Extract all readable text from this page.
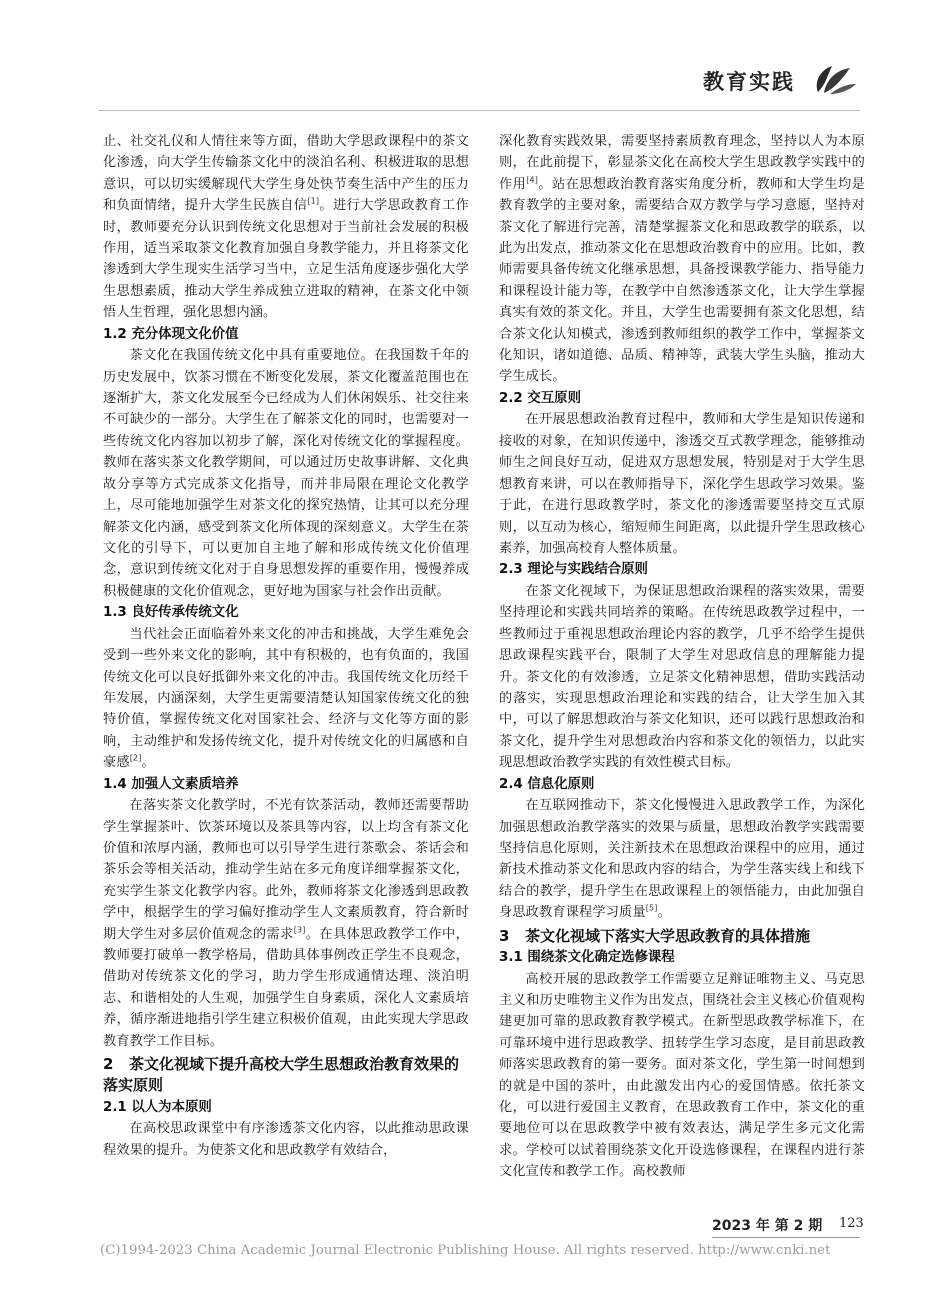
教育实践

止、社交礼仪和人情往来等方面，借助大学思政课程中的茶文化渗透，向大学生传输茶文化中的淡泊名利、积极进取的思想意识，可以切实缓解现代大学生身处快节奏生活中产生的压力和负面情绪，提升大学生民族自信[1]。进行大学思政教育工作时，教师要充分认识到传统文化思想对于当前社会发展的积极作用，适当采取茶文化教育加强自身教学能力，并且将茶文化渗透到大学生现实生活学习当中，立足生活角度逐步强化大学生思想素质，推动大学生养成独立进取的精神，在茶文化中领悟人生哲理，强化思想内涵。

1.2 充分体现文化价值

茶文化在我国传统文化中具有重要地位。在我国数千年的历史发展中，饮茶习惯在不断变化发展，茶文化覆盖范围也在逐渐扩大，茶文化发展至今已经成为人们休闲娱乐、社交往来不可缺少的一部分。大学生在了解茶文化的同时，也需要对一些传统文化内容加以初步了解，深化对传统文化的掌握程度。教师在落实茶文化教学期间，可以通过历史故事讲解、文化典故分享等方式完成茶文化指导，而并非局限在理论文化教学上，尽可能地加强学生对茶文化的探究热情，让其可以充分理解茶文化内涵，感受到茶文化所体现的深刻意义。大学生在茶文化的引导下，可以更加自主地了解和形成传统文化价值理念，意识到传统文化对于自身思想发挥的重要作用，慢慢养成积极健康的文化价值观念，更好地为国家与社会作出贡献。

1.3 良好传承传统文化

当代社会正面临着外来文化的冲击和挑战，大学生难免会受到一些外来文化的影响，其中有积极的，也有负面的，我国传统文化可以良好抵御外来文化的冲击。我国传统文化历经千年发展，内涵深刻，大学生更需要清楚认知国家传统文化的独特价值，掌握传统文化对国家社会、经济与文化等方面的影响，主动维护和发扬传统文化，提升对传统文化的归属感和自豪感[2]。

1.4 加强人文素质培养

在落实茶文化教学时，不光有饮茶活动，教师还需要帮助学生掌握茶叶、饮茶环境以及茶具等内容，以上均含有茶文化价值和浓厚内涵，教师也可以引导学生进行茶歌会、茶话会和茶乐会等相关活动，推动学生站在多元角度详细掌握茶文化，充实学生茶文化教学内容。此外，教师将茶文化渗透到思政教学中，根据学生的学习偏好推动学生人文素质教育，符合新时期大学生对多层价值观念的需求[3]。在具体思政教学工作中，教师要打破单一教学格局，借助具体事例改正学生不良观念，借助对传统茶文化的学习，助力学生形成通情达理、淡泊明志、和谐相处的人生观，加强学生自身素质，深化人文素质培养，循序渐进地指引学生建立积极价值观，由此实现大学思政教育教学工作目标。

2 茶文化视域下提升高校大学生思想政治教育效果的落实原则
2.1 以人为本原则

在高校思政课堂中有序渗透茶文化内容，以此推动思政课程效果的提升。为使茶文化和思政教学有效结合，

深化教育实践效果，需要坚持素质教育理念，坚持以人为本原则，在此前提下，彰显茶文化在高校大学生思政教学实践中的作用[4]。站在思想政治教育落实角度分析，教师和大学生均是教育教学的主要对象，需要结合双方教学与学习意愿，坚持对茶文化了解进行完善，清楚掌握茶文化和思政教学的联系，以此为出发点，推动茶文化在思想政治教育中的应用。比如，教师需要具备传统文化继承思想，具备授课教学能力、指导能力和课程设计能力等，在教学中自然渗透茶文化，让大学生掌握真实有效的茶文化。并且，大学生也需要拥有茶文化思想，结合茶文化认知模式，渗透到教师组织的教学工作中，掌握茶文化知识，诸如道德、品质、精神等，武装大学生头脑，推动大学生成长。

2.2 交互原则

在开展思想政治教育过程中，教师和大学生是知识传递和接收的对象，在知识传递中，渗透交互式教学理念，能够推动师生之间良好互动，促进双方思想发展，特别是对于大学生思想教育来讲，可以在教师指导下，深化学生思政学习效果。鉴于此，在进行思政教学时，茶文化的渗透需要坚持交互式原则，以互动为核心，缩短师生间距离，以此提升学生思政核心素养，加强高校育人整体质量。

2.3 理论与实践结合原则

在茶文化视域下，为保证思想政治课程的落实效果，需要坚持理论和实践共同培养的策略。在传统思政教学过程中，一些教师过于重视思想政治理论内容的教学，几乎不给学生提供思政课程实践平台，限制了大学生对思政信息的理解能力提升。茶文化的有效渗透，立足茶文化精神思想，借助实践活动的落实，实现思想政治理论和实践的结合，让大学生加入其中，可以了解思想政治与茶文化知识，还可以践行思想政治和茶文化，提升学生对思想政治内容和茶文化的领悟力，以此实现思想政治教学实践的有效性模式目标。

2.4 信息化原则

在互联网推动下，茶文化慢慢进入思政教学工作，为深化加强思想政治教学落实的效果与质量，思想政治教学实践需要坚持信息化原则，关注新技术在思想政治课程中的应用，通过新技术推动茶文化和思政内容的结合，为学生落实线上和线下结合的教学，提升学生在思政课程上的领悟能力，由此加强自身思政教育课程学习质量[5]。

3 茶文化视域下落实大学思政教育的具体措施
3.1 围绕茶文化确定选修课程

高校开展的思政教学工作需要立足辩证唯物主义、马克思主义和历史唯物主义作为出发点，围绕社会主义核心价值观构建更加可靠的思政教育教学模式。在新型思政教学标准下，在可靠环境中进行思政教学、扭转学生学习态度，是目前思政教师落实思政教育的第一要务。面对茶文化，学生第一时间想到的就是中国的茶叶，由此激发出内心的爱国情感。依托茶文化，可以进行爱国主义教育，在思政教育工作中，茶文化的重要地位可以在思政教学中被有效表达，满足学生多元文化需求。学校可以试着围绕茶文化开设选修课程，在课程内进行茶文化宣传和教学工作。高校教师

2023 年 第 2 期 123
(C)1994-2023 China Academic Journal Electronic Publishing House. All rights reserved. http://www.cnki.net
